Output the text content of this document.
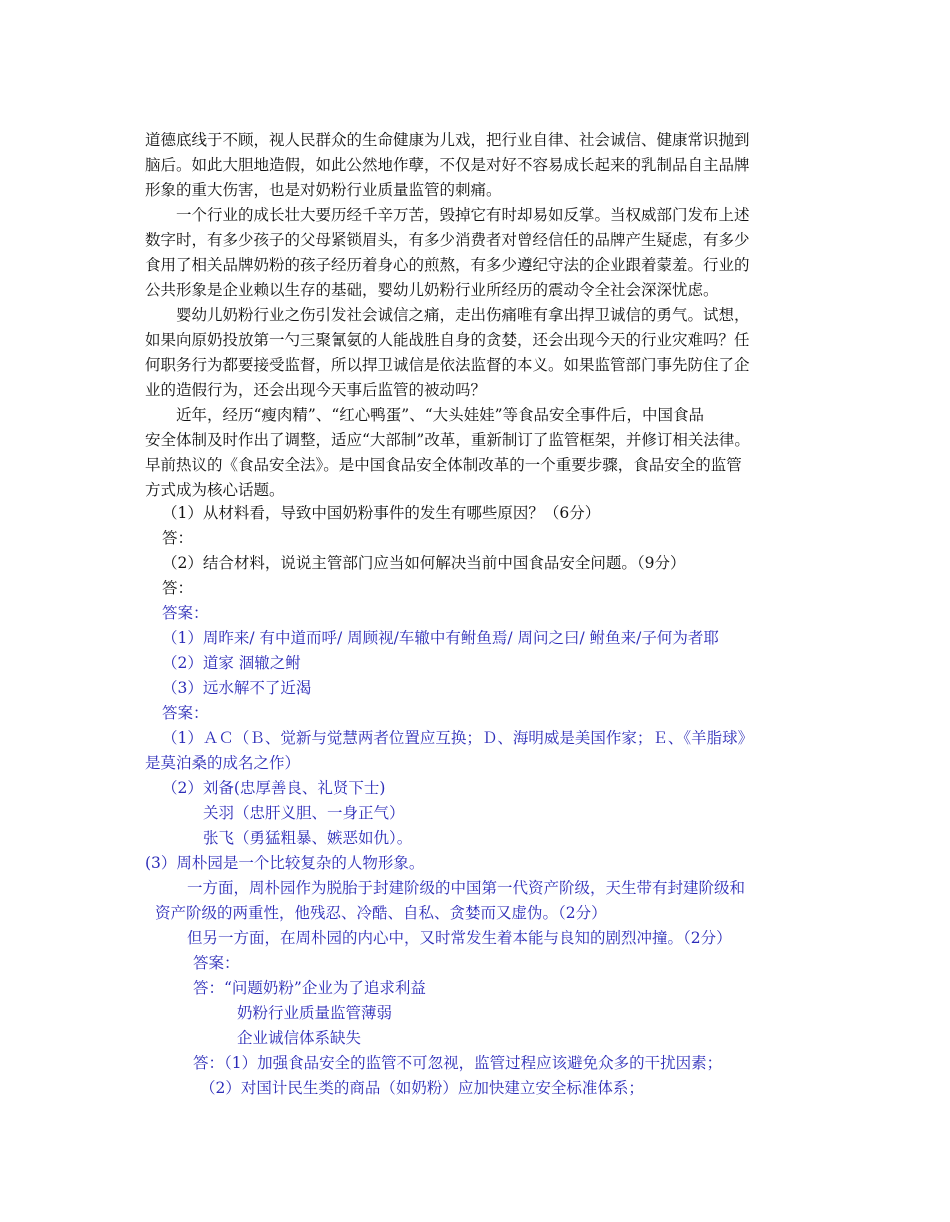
道德底线于不顾，视人民群众的生命健康为儿戏，把行业自律、社会诚信、健康常识抛到
脑后。如此大胆地造假，如此公然地作孽，不仅是对好不容易成长起来的乳制品自主品牌
形象的重大伤害，也是对奶粉行业质量监管的刺痛。
一个行业的成长壮大要历经千辛万苦，毁掉它有时却易如反掌。当权威部门发布上述
数字时，有多少孩子的父母紧锁眉头，有多少消费者对曾经信任的品牌产生疑虑，有多少
食用了相关品牌奶粉的孩子经历着身心的煎熬，有多少遵纪守法的企业跟着蒙羞。行业的
公共形象是企业赖以生存的基础，婴幼儿奶粉行业所经历的震动令全社会深深忧虑。
婴幼儿奶粉行业之伤引发社会诚信之痛，走出伤痛唯有拿出捍卫诚信的勇气。试想，
如果向原奶投放第一勺三聚氰氨的人能战胜自身的贪婪，还会出现今天的行业灾难吗？任
何职务行为都要接受监督，所以捍卫诚信是依法监督的本义。如果监管部门事先防住了企
业的造假行为，还会出现今天事后监管的被动吗？
近年，经历“瘦肉精”、“红心鸭蛋”、“大头娃娃”等食品安全事件后，中国食品
安全体制及时作出了调整，适应“大部制”改革，重新制订了监管框架，并修订相关法律。
早前热议的《食品安全法》。是中国食品安全体制改革的一个重要步骤，食品安全的监管
方式成为核心话题。
（1）从材料看，导致中国奶粉事件的发生有哪些原因？（6分）
答：
（2）结合材料，说说主管部门应当如何解决当前中国食品安全问题。（9分）
答：
答案：
（1）周昨来/ 有中道而呼/ 周顾视/车辙中有鲋鱼焉/ 周问之曰/ 鲋鱼来/子何为者耶
（2）道家 涸辙之鲋
（3）远水解不了近渴
答案：
（1）ＡＣ（Ｂ、觉新与觉慧两者位置应互换；Ｄ、海明威是美国作家；Ｅ、《羊脂球》
是莫泊桑的成名之作）
（2）刘备(忠厚善良、礼贤下士)
关羽（忠肝义胆、一身正气）
张飞（勇猛粗暴、嫉恶如仇）。
(3）周朴园是一个比较复杂的人物形象。
一方面，周朴园作为脱胎于封建阶级的中国第一代资产阶级，天生带有封建阶级和
资产阶级的两重性，他残忍、冷酷、自私、贪婪而又虚伪。（2分）
但另一方面，在周朴园的内心中，又时常发生着本能与良知的剧烈冲撞。（2分）
答案：
答：“问题奶粉”企业为了追求利益
奶粉行业质量监管薄弱
企业诚信体系缺失
答：（1）加强食品安全的监管不可忽视，监管过程应该避免众多的干扰因素；
（2）对国计民生类的商品（如奶粉）应加快建立安全标准体系；
